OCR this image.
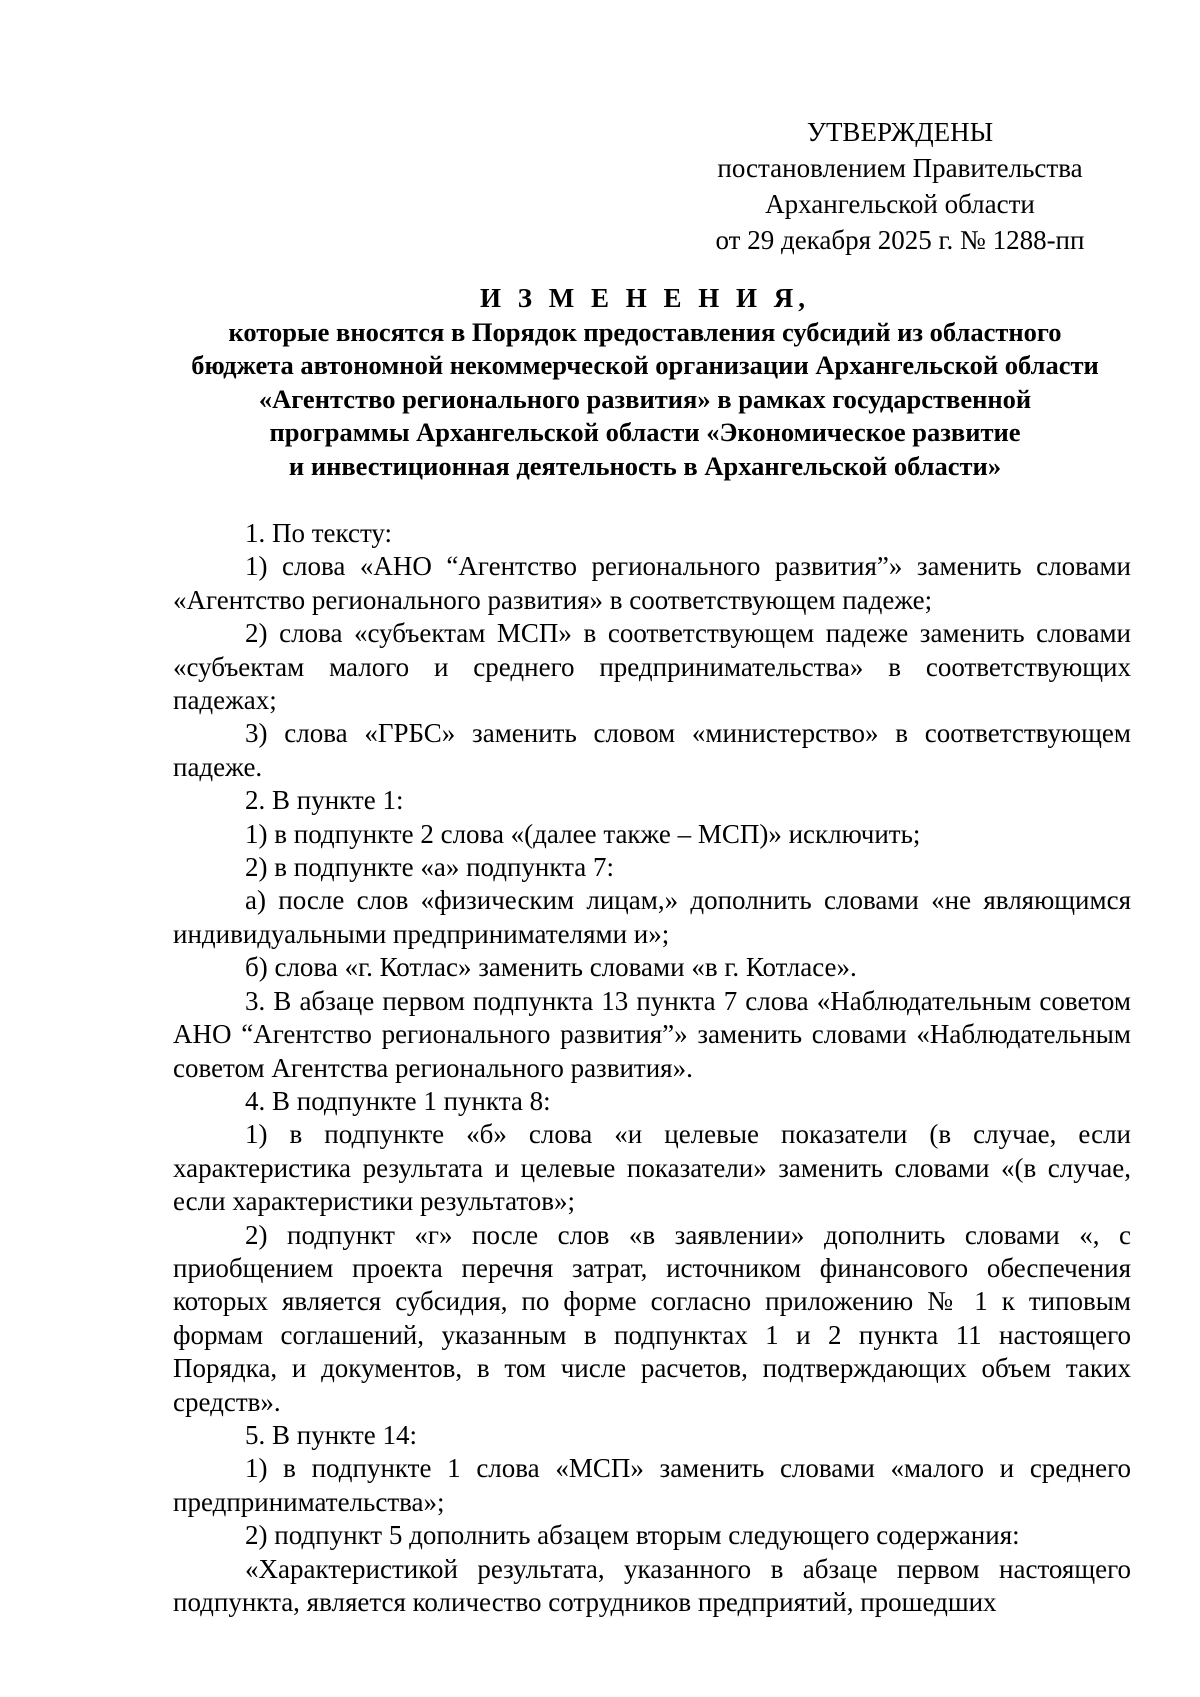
УТВЕРЖДЕНЫ
постановлением Правительства
Архангельской области
от 29 декабря 2025 г. № 1288-пп
И З М Е Н Е Н И Я,
которые вносятся в Порядок предоставления субсидий из областного
бюджета автономной некоммерческой организации Архангельской области
«Агентство регионального развития» в рамках государственной
программы Архангельской области «Экономическое развитие
и инвестиционная деятельность в Архангельской области»

1. По тексту:

1) слова «АНО “Агентство регионального развития”» заменить словами «Агентство регионального развития» в соответствующем падеже;

2) слова «субъектам МСП» в соответствующем падеже заменить словами «субъектам малого и среднего предпринимательства» в соответствующих падежах;

3) слова «ГРБС» заменить словом «министерство» в соответствующем падеже.

2. В пункте 1:

1) в подпункте 2 слова «(далее также – МСП)» исключить;

2) в подпункте «а» подпункта 7:

а) после слов «физическим лицам,» дополнить словами «не являющимся индивидуальными предпринимателями и»;

б) слова «г. Котлас» заменить словами «в г. Котласе».

3. В абзаце первом подпункта 13 пункта 7 слова «Наблюдательным советом АНО “Агентство регионального развития”» заменить словами «Наблюдательным советом Агентства регионального развития».

4. В подпункте 1 пункта 8:

1) в подпункте «б» слова «и целевые показатели (в случае, если характеристика результата и целевые показатели» заменить словами «(в случае, если характеристики результатов»;

2) подпункт «г» после слов «в заявлении» дополнить словами «, с приобщением проекта перечня затрат, источником финансового обеспечения которых является субсидия, по форме согласно приложению № 1 к типовым формам соглашений, указанным в подпунктах 1 и 2 пункта 11 настоящего Порядка, и документов, в том числе расчетов, подтверждающих объем таких средств».

5. В пункте 14:

1) в подпункте 1 слова «МСП» заменить словами «малого и среднего предпринимательства»;

2) подпункт 5 дополнить абзацем вторым следующего содержания:

«Характеристикой результата, указанного в абзаце первом настоящего подпункта, является количество сотрудников предприятий, прошедших
